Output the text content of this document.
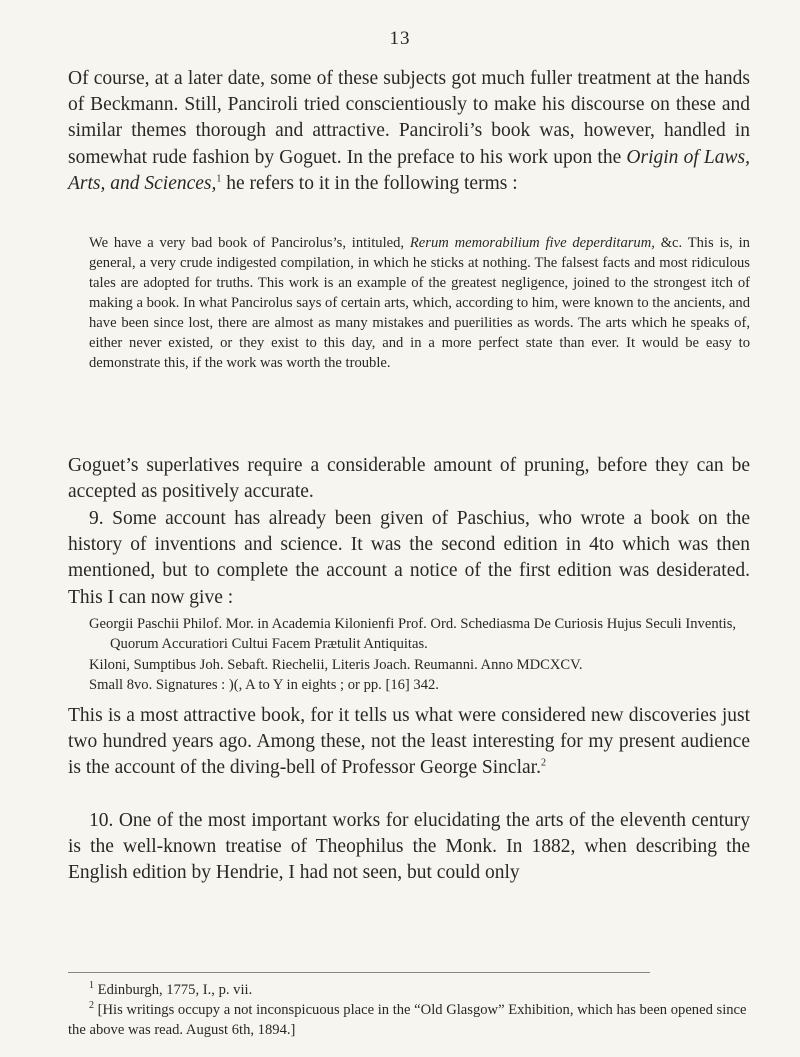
13

Of course, at a later date, some of these subjects got much fuller treatment at the hands of Beckmann. Still, Panciroli tried conscientiously to make his discourse on these and similar themes thorough and attractive. Panciroli’s book was, however, handled in somewhat rude fashion by Goguet. In the preface to his work upon the Origin of Laws, Arts, and Sciences,$^1$ he refers to it in the following terms :

We have a very bad book of Pancirolus’s, intituled, Rerum memorabilium five deperditarum, &c. This is, in general, a very crude indigested compilation, in which he sticks at nothing. The falsest facts and most ridiculous tales are adopted for truths. This work is an example of the greatest negligence, joined to the strongest itch of making a book. In what Pancirolus says of certain arts, which, according to him, were known to the ancients, and have been since lost, there are almost as many mistakes and puerilities as words. The arts which he speaks of, either never existed, or they exist to this day, and in a more perfect state than ever. It would be easy to demonstrate this, if the work was worth the trouble.

Goguet’s superlatives require a considerable amount of pruning, before they can be accepted as positively accurate.

9. Some account has already been given of Paschius, who wrote a book on the history of inventions and science. It was the second edition in 4to which was then mentioned, but to complete the account a notice of the first edition was desiderated. This I can now give :

Georgii Paschii Philof. Mor. in Academia Kilonienfi Prof. Ord. Schediasma De Curiosis Hujus Seculi Inventis, Quorum Accuratiori Cultui Facem Prætulit Antiquitas.

Kiloni, Sumptibus Joh. Sebaft. Riechelii, Literis Joach. Reumanni. Anno MDCXCV.

Small 8vo. Signatures : )(, A to Y in eights ; or pp. [16] 342.

This is a most attractive book, for it tells us what were considered new discoveries just two hundred years ago. Among these, not the least interesting for my present audience is the account of the diving-bell of Professor George Sinclar.$^2$

10. One of the most important works for elucidating the arts of the eleventh century is the well-known treatise of Theophilus the Monk. In 1882, when describing the English edition by Hendrie, I had not seen, but could only

$^1$ Edinburgh, 1775, I., p. vii.

$^2$ [His writings occupy a not inconspicuous place in the “Old Glasgow” Exhibition, which has been opened since the above was read. August 6th, 1894.]
